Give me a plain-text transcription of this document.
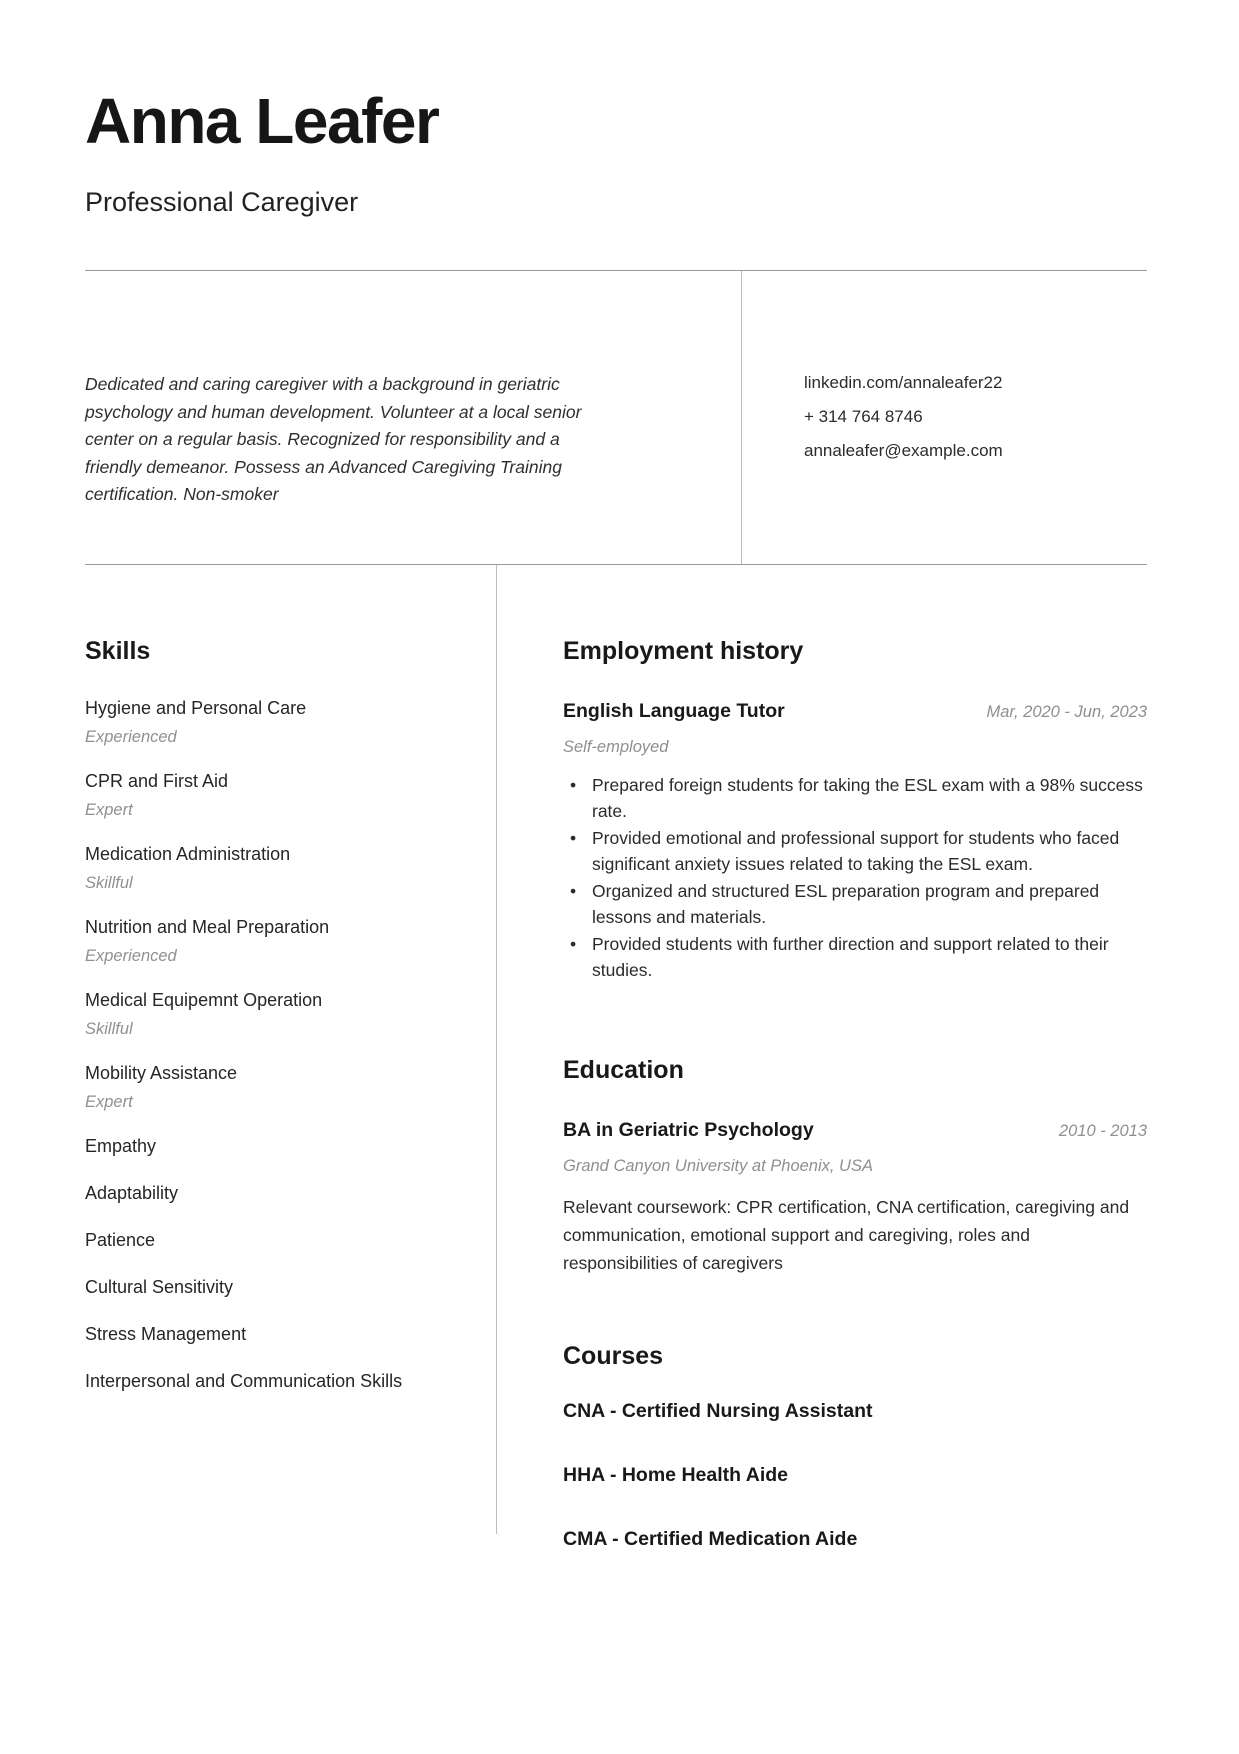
Anna Leafer
Professional Caregiver
Dedicated and caring caregiver with a background in geriatric psychology and human development. Volunteer at a local senior center on a regular basis. Recognized for responsibility and a friendly demeanor. Possess an Advanced Caregiving Training certification. Non-smoker
linkedin.com/annaleafer22
+ 314 764 8746
annaleafer@example.com
Skills
Hygiene and Personal Care
Experienced
CPR and First Aid
Expert
Medication Administration
Skillful
Nutrition and Meal Preparation
Experienced
Medical Equipemnt Operation
Skillful
Mobility Assistance
Expert
Empathy
Adaptability
Patience
Cultural Sensitivity
Stress Management
Interpersonal and Communication Skills
Employment history
English Language Tutor	Mar, 2020 - Jun, 2023
Self-employed
• Prepared foreign students for taking the ESL exam with a 98% success rate.
• Provided emotional and professional support for students who faced significant anxiety issues related to taking the ESL exam.
• Organized and structured ESL preparation program and prepared lessons and materials.
• Provided students with further direction and support related to their studies.
Education
BA in Geriatric Psychology	2010 - 2013
Grand Canyon University at Phoenix, USA
Relevant coursework: CPR certification, CNA certification, caregiving and communication, emotional support and caregiving, roles and responsibilities of caregivers
Courses
CNA - Certified Nursing Assistant
HHA - Home Health Aide
CMA - Certified Medication Aide
